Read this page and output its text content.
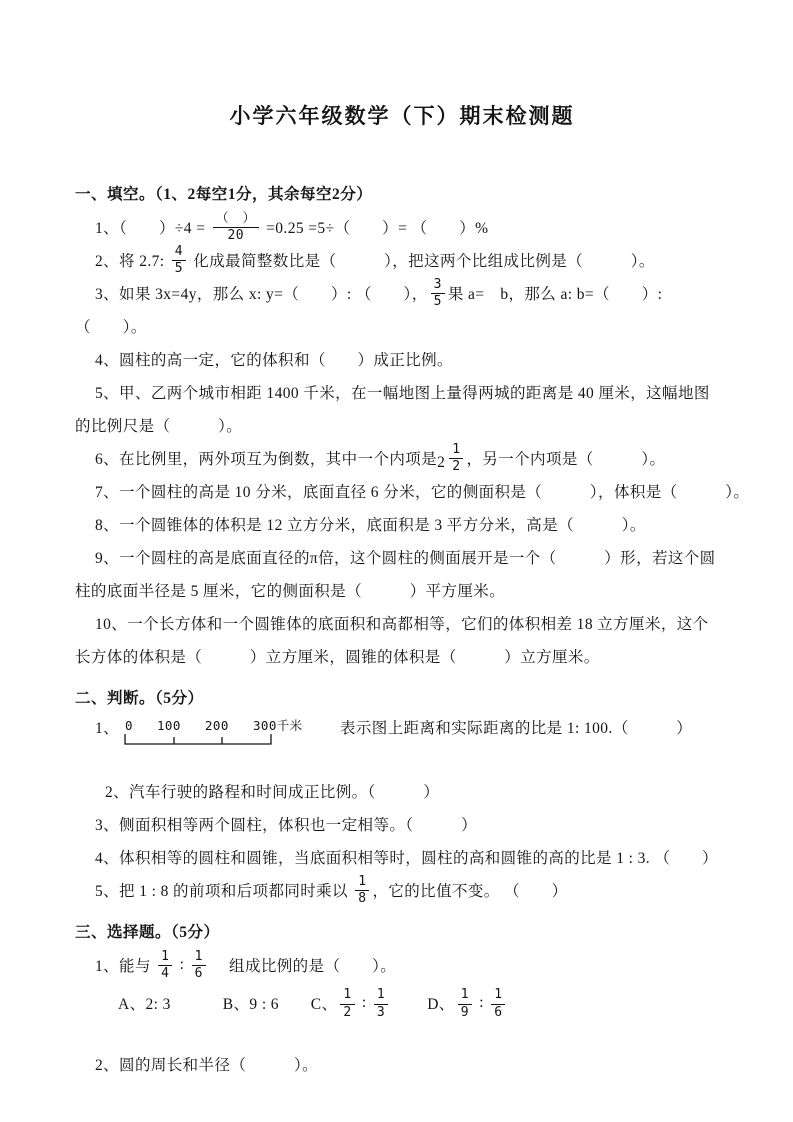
小学六年级数学（下）期末检测题
一、填空。（1、2每空1分，其余每空2分）
1、（　　）$\div 4 = \frac{( )}{20} =0.25 =5\div$（　　）= （　　）%
2、将 2.7: $\frac{4}{5}$ 化成最简整数比是（　　　），把这两个比组成比例是（　　　）。
3、如果 3x=4y，那么 x: y=（　　）: （　　）， $\frac{3}{5}$ 果 a=　b，那么 a: b=（　　）:
（　　）。
4、圆柱的高一定，它的体积和（　　）成正比例。
5、甲、乙两个城市相距 1400 千米，在一幅地图上量得两城的距离是 40 厘米，这幅地图
的比例尺是（　　　）。
6、在比例里，两外项互为倒数，其中一个内项是 $2 \frac{1}{2}$ ，另一个内项是（　　　）。
7、一个圆柱的高是 10 分米，底面直径 6 分米，它的侧面积是（　　　），体积是（　　　）。
8、一个圆锥体的体积是 12 立方分米，底面积是 3 平方分米，高是（　　　）。
9、一个圆柱的高是底面直径的π倍，这个圆柱的侧面展开是一个（　　　）形，若这个圆
柱的底面半径是 5 厘米，它的侧面积是（　　　）平方厘米。
10、一个长方体和一个圆锥体的底面积和高都相等，它们的体积相差 18 立方厘米，这个
长方体的体积是（　　　）立方厘米，圆锥的体积是（　　　）立方厘米。
二、判断。（5分）
1、 0 100 200 300千米 　表示图上距离和实际距离的比是 1: 100.（　　　）
2、汽车行驶的路程和时间成正比例。（　　　）
3、侧面积相等两个圆柱，体积也一定相等。（　　　）
4、体积相等的圆柱和圆锥，当底面积相等时，圆柱的高和圆锥的高的比是 1 : 3. （　　）
5、把 1 : 8 的前项和后项都同时乘以 $\frac{1}{8}$ ，它的比值不变。 （　　）
三、选择题。（5分）
1、能与 $\frac{1}{4}$ : $\frac{1}{6}$ 　 组成比例的是（　　）。
A、2: 3　　　 B、9 : 6　　C、 $\frac{1}{2}$ : $\frac{1}{3}$ 　　 D、 $\frac{1}{9}$ : $\frac{1}{6}$
2、圆的周长和半径（　　　）。
